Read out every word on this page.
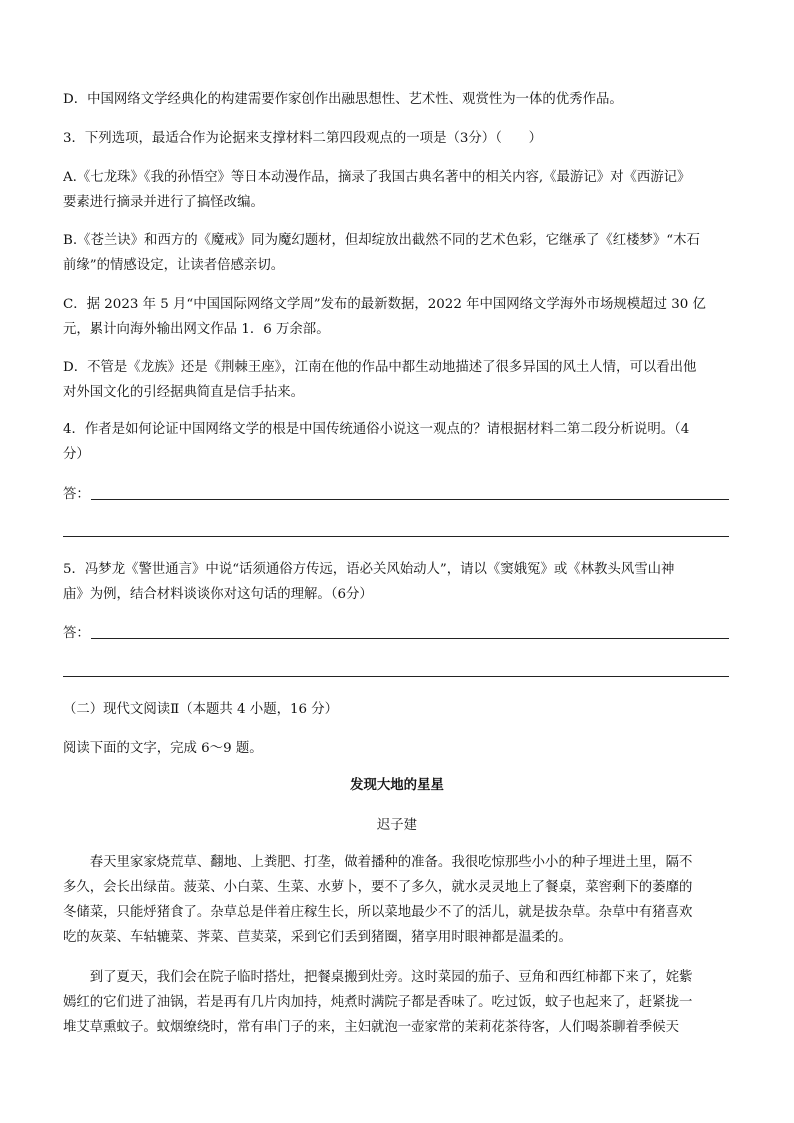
D．中国网络文学经典化的构建需要作家创作出融思想性、艺术性、观赏性为一体的优秀作品。
3．下列选项，最适合作为论据来支撑材料二第四段观点的一项是（3分）（　　）
A.《七龙珠》《我的孙悟空》等日本动漫作品，摘录了我国古典名著中的相关内容,《最游记》对《西游记》
要素进行摘录并进行了搞怪改编。
B.《苍兰诀》和西方的《魔戒》同为魔幻题材，但却绽放出截然不同的艺术色彩，它继承了《红楼梦》“木石
前缘”的情感设定，让读者倍感亲切。
C．据 2023 年 5 月“中国国际网络文学周”发布的最新数据，2022 年中国网络文学海外市场规模超过 30 亿
元，累计向海外输出网文作品 1．6 万余部。
D．不管是《龙族》还是《荆棘王座》，江南在他的作品中都生动地描述了很多异国的风土人情，可以看出他
对外国文化的引经据典简直是信手拈来。
4．作者是如何论证中国网络文学的根是中国传统通俗小说这一观点的？请根据材料二第二段分析说明。（4
分）
答：
5．冯梦龙《警世通言》中说“话须通俗方传远，语必关风始动人”，请以《窦娥冤》或《林教头风雪山神
庙》为例，结合材料谈谈你对这句话的理解。（6分）
答：
（二）现代文阅读Ⅱ（本题共 4 小题，16 分）
阅读下面的文字，完成 6～9 题。
发现大地的星星
迟子建
　　春天里家家烧荒草、翻地、上粪肥、打垄，做着播种的准备。我很吃惊那些小小的种子埋进土里，隔不
多久，会长出绿苗。菠菜、小白菜、生菜、水萝卜，要不了多久，就水灵灵地上了餐桌，菜窖剩下的萎靡的
冬储菜，只能烀猪食了。杂草总是伴着庄稼生长，所以菜地最少不了的活儿，就是拔杂草。杂草中有猪喜欢
吃的灰菜、车轱辘菜、荠菜、苣荬菜，采到它们丢到猪圈，猪享用时眼神都是温柔的。
　　到了夏天，我们会在院子临时搭灶，把餐桌搬到灶旁。这时菜园的茄子、豆角和西红柿都下来了，姹紫
嫣红的它们进了油锅，若是再有几片肉加持，炖煮时满院子都是香味了。吃过饭，蚊子也起来了，赶紧拢一
堆艾草熏蚊子。蚊烟缭绕时，常有串门子的来，主妇就泡一壶家常的茉莉花茶待客，人们喝茶聊着季候天
